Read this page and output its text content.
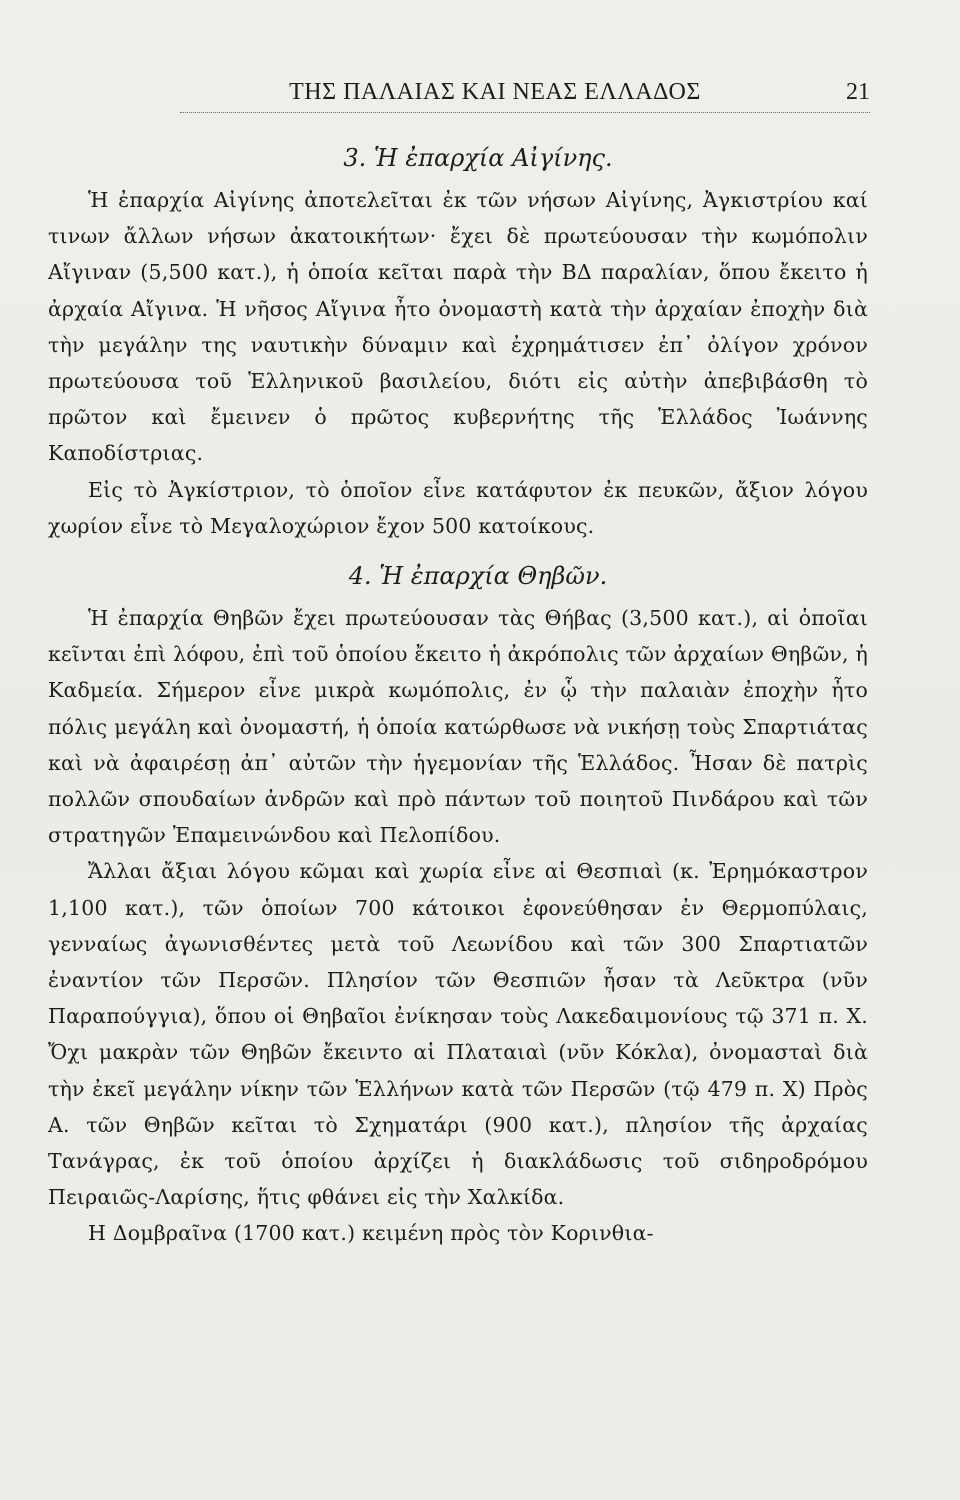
ΤΗΣ ΠΑΛΑΙΑΣ ΚΑΙ ΝΕΑΣ ΕΛΛΑΔΟΣ	21
3. Ἡ ἐπαρχία Αἰγίνης.

Ἡ ἐπαρχία Αἰγίνης ἀποτελεῖται ἐκ τῶν νήσων Αἰγίνης, Ἀγκιστρίου καί τινων ἄλλων νήσων ἀκατοικήτων· ἔχει δὲ πρωτεύουσαν τὴν κωμόπολιν Αἴγιναν (5,500 κατ.), ἡ ὁποία κεῖται παρὰ τὴν ΒΔ παραλίαν, ὅπου ἔκειτο ἡ ἀρχαία Αἴγινα. Ἡ νῆσος Αἴγινα ἦτο ὀνομαστὴ κατὰ τὴν ἀρχαίαν ἐποχὴν διὰ τὴν μεγάλην της ναυτικὴν δύναμιν καὶ ἐχρημάτισεν ἐπ᾽ ὀλίγον χρόνον πρωτεύουσα τοῦ Ἑλληνικοῦ βασιλείου, διότι εἰς αὐτὴν ἀπεβιβάσθη τὸ πρῶτον καὶ ἔμεινεν ὁ πρῶτος κυβερνήτης τῆς Ἑλλάδος Ἰωάννης Καποδίστριας.

Εἰς τὸ Ἀγκίστριον, τὸ ὁποῖον εἶνε κατάφυτον ἐκ πευκῶν, ἄξιον λόγου χωρίον εἶνε τὸ Μεγαλοχώριον ἔχον 500 κατοίκους.

4. Ἡ ἐπαρχία Θηβῶν.

Ἡ ἐπαρχία Θηβῶν ἔχει πρωτεύουσαν τὰς Θήβας (3,500 κατ.), αἱ ὁποῖαι κεῖνται ἐπὶ λόφου, ἐπὶ τοῦ ὁποίου ἔκειτο ἡ ἀκρόπολις τῶν ἀρχαίων Θηβῶν, ἡ Καδμεία. Σήμερον εἶνε μικρὰ κωμόπολις, ἐν ᾧ τὴν παλαιὰν ἐποχὴν ἦτο πόλις μεγάλη καὶ ὀνομαστή, ἡ ὁποία κατώρθωσε νὰ νικήσῃ τοὺς Σπαρτιάτας καὶ νὰ ἀφαιρέσῃ ἀπ᾽ αὐτῶν τὴν ἡγεμονίαν τῆς Ἑλλάδος. Ἦσαν δὲ πατρὶς πολλῶν σπουδαίων ἀνδρῶν καὶ πρὸ πάντων τοῦ ποιητοῦ Πινδάρου καὶ τῶν στρατηγῶν Ἐπαμεινώνδου καὶ Πελοπίδου.

Ἄλλαι ἄξιαι λόγου κῶμαι καὶ χωρία εἶνε αἱ Θεσπιαὶ (κ. Ἐρημόκαστρον 1,100 κατ.), τῶν ὁποίων 700 κάτοικοι ἐφονεύθησαν ἐν Θερμοπύλαις, γενναίως ἀγωνισθέντες μετὰ τοῦ Λεωνίδου καὶ τῶν 300 Σπαρτιατῶν ἐναντίον τῶν Περσῶν. Πλησίον τῶν Θεσπιῶν ἦσαν τὰ Λεῦκτρα (νῦν Παραπούγγια), ὅπου οἱ Θηβαῖοι ἐνίκησαν τοὺς Λακεδαιμονίους τῷ 371 π. Χ. Ὄχι μακρὰν τῶν Θηβῶν ἔκειντο αἱ Πλαταιαὶ (νῦν Κόκλα), ὀνομασταὶ διὰ τὴν ἐκεῖ μεγάλην νίκην τῶν Ἑλλήνων κατὰ τῶν Περσῶν (τῷ 479 π. Χ) Πρὸς Α. τῶν Θηβῶν κεῖται τὸ Σχηματάρι (900 κατ.), πλησίον τῆς ἀρχαίας Τανάγρας, ἐκ τοῦ ὁποίου ἀρχίζει ἡ διακλάδωσις τοῦ σιδηροδρόμου Πειραιῶς-Λαρίσης, ἥτις φθάνει εἰς τὴν Χαλκίδα.

Η Δομβραῖνα (1700 κατ.) κειμένη πρὸς τὸν Κορινθια-
